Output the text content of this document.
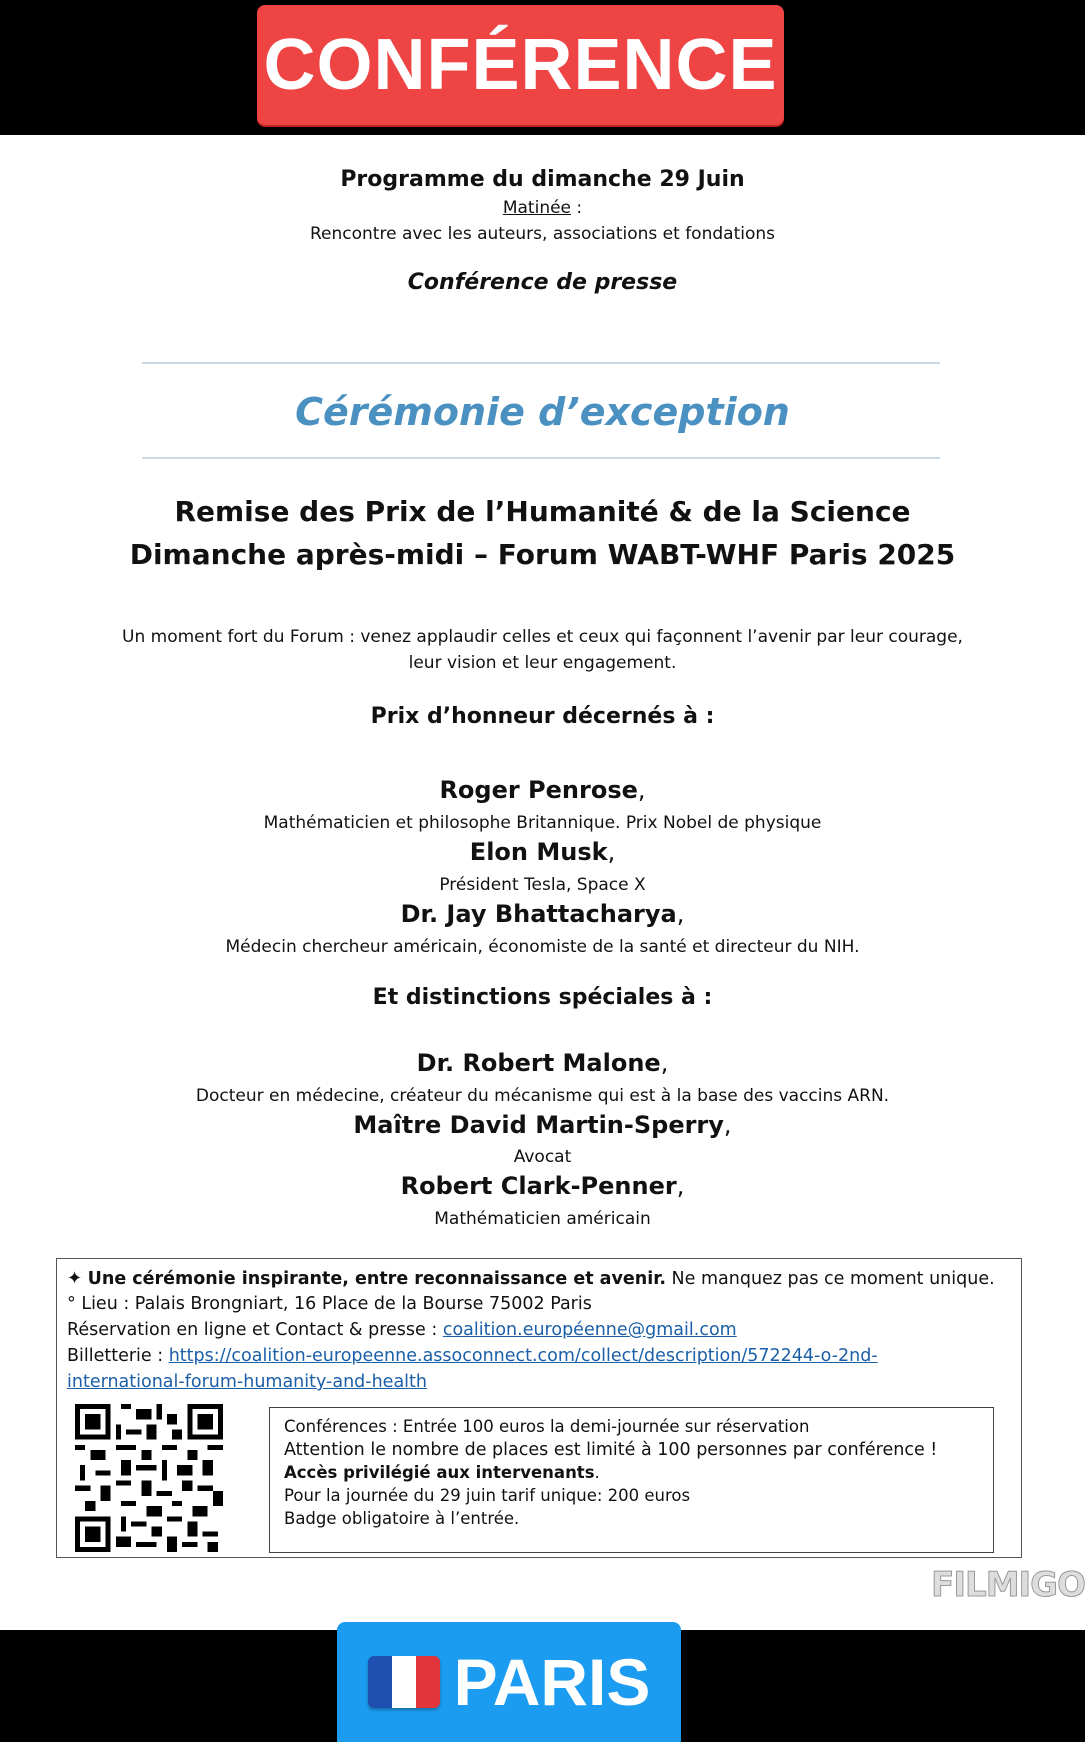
CONFÉRENCE
Programme du dimanche 29 Juin
Matinée :
Rencontre avec les auteurs, associations et fondations
Conférence de presse
Cérémonie d’exception
Remise des Prix de l’Humanité & de la Science
Dimanche après-midi – Forum WABT-WHF Paris 2025
Un moment fort du Forum : venez applaudir celles et ceux qui façonnent l’avenir par leur courage,
leur vision et leur engagement.
Prix d’honneur décernés à :
Roger Penrose,
Mathématicien et philosophe Britannique. Prix Nobel de physique
Elon Musk,
Président Tesla, Space X
Dr. Jay Bhattacharya,
Médecin chercheur américain, économiste de la santé et directeur du NIH.
Et distinctions spéciales à :
Dr. Robert Malone,
Docteur en médecine, créateur du mécanisme qui est à la base des vaccins ARN.
Maître David Martin-Sperry,
Avocat
Robert Clark-Penner,
Mathématicien américain
✦ Une cérémonie inspirante, entre reconnaissance et avenir. Ne manquez pas ce moment unique.
° Lieu : Palais Brongniart, 16 Place de la Bourse 75002 Paris
Réservation en ligne et Contact & presse : coalition.européenne@gmail.com
Billetterie : https://coalition-europeenne.assoconnect.com/collect/description/572244-o-2nd-
international-forum-humanity-and-health
Conférences : Entrée 100 euros la demi-journée sur réservation
Attention le nombre de places est limité à 100 personnes par conférence !
Accès privilégié aux intervenants.
Pour la journée du 29 juin tarif unique: 200 euros
Badge obligatoire à l’entrée.
FILMIGO
PARIS
